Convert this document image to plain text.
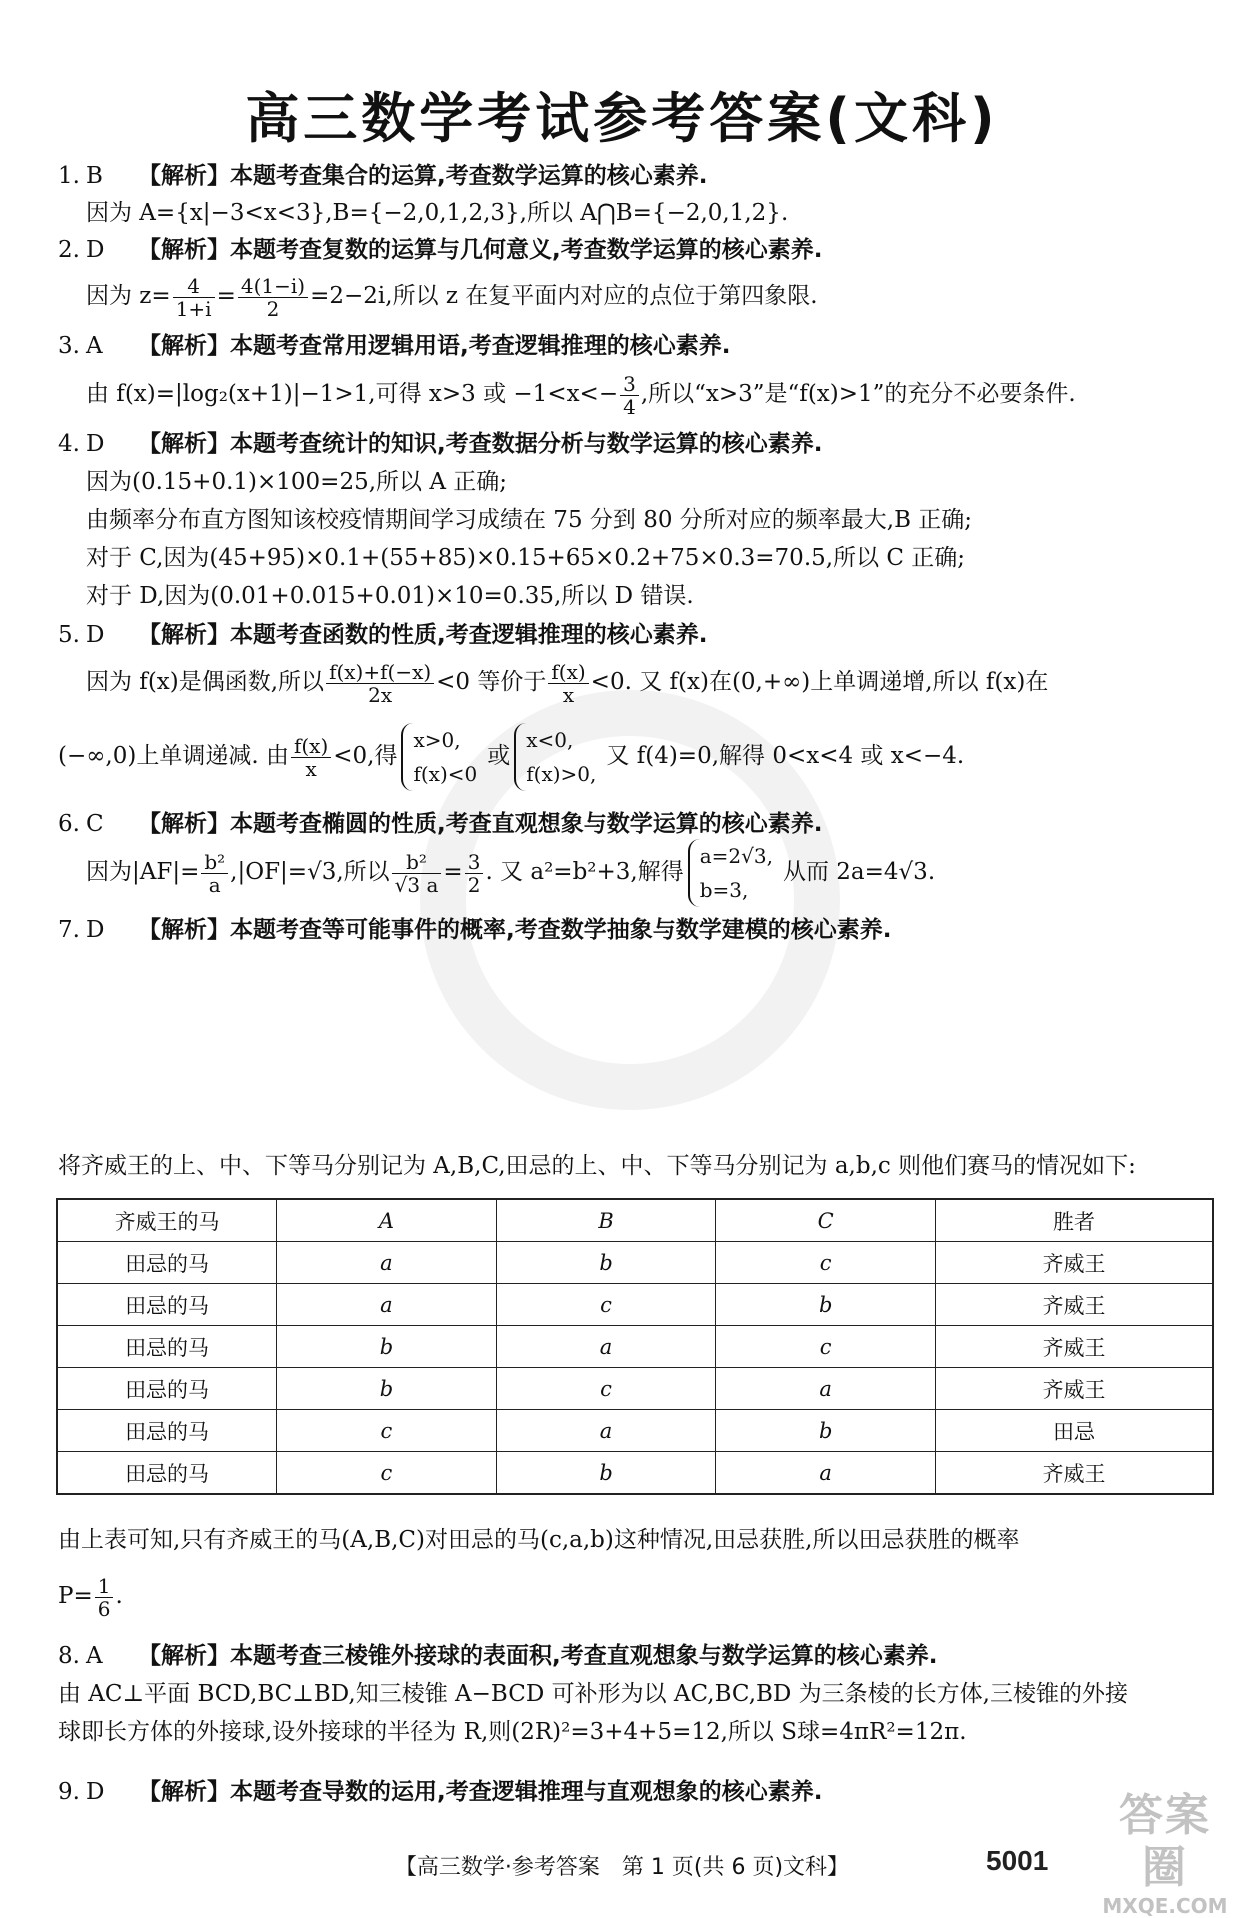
高三数学考试参考答案(文科)
1. B 【解析】本题考查集合的运算,考查数学运算的核心素养.
因为 A={x|−3<x<3},B={−2,0,1,2,3},所以 A⋂B={−2,0,1,2}.
2. D 【解析】本题考查复数的运算与几何意义,考查数学运算的核心素养.
因为 $z= \frac{4}{1+i} = \frac{4(1-i)}{2} =2-2i$,所以 z 在复平面内对应的点位于第四象限.
3. A 【解析】本题考查常用逻辑用语,考查逻辑推理的核心素养.
由 f(x)=|log₂(x+1)|−1>1,可得 x>3 或 $-1<x<- \frac{3}{4}$ ,所以“x>3”是“f(x)>1”的充分不必要条件.
4. D 【解析】本题考查统计的知识,考查数据分析与数学运算的核心素养.
因为(0.15+0.1)×100=25,所以 A 正确;
由频率分布直方图知该校疫情期间学习成绩在 75 分到 80 分所对应的频率最大,B 正确;
对于 C,因为(45+95)×0.1+(55+85)×0.15+65×0.2+75×0.3=70.5,所以 C 正确;
对于 D,因为(0.01+0.015+0.01)×10=0.35,所以 D 错误.
5. D 【解析】本题考查函数的性质,考查逻辑推理的核心素养.
因为 f(x)是偶函数,所以 $\frac{f(x)+f(-x)}{2x} <0$ 等价于 $\frac{f(x)}{x} <0$. 又 f(x)在(0,+∞)上单调递增,所以 f(x)在
(−∞,0)上单调递减. 由 $\frac{f(x)}{x} <0$,得
x>0,
f(x)<0
或
x<0,
f(x)>0,
又 f(4)=0,解得 0<x<4 或 x<−4.
6. C 【解析】本题考查椭圆的性质,考查直观想象与数学运算的核心素养.
因为$|AF|= \frac{\text{b²}}{a} ,|OF|=√3$,所以 $\frac{\text{b²}}{√3 a} = \frac{3}{2}$ . 又 a²=b²+3,解得
a=2√3,
b=3,
从而 2a=4√3.
7. D 【解析】本题考查等可能事件的概率,考查数学抽象与数学建模的核心素养.
将齐威王的上、中、下等马分别记为 A,B,C,田忌的上、中、下等马分别记为 a,b,c 则他们赛马的情况如下:
齐威王的马	A	B	C	胜者
田忌的马	a	b	c	齐威王
田忌的马	a	c	b	齐威王
田忌的马	b	a	c	齐威王
田忌的马	b	c	a	齐威王
田忌的马	c	a	b	田忌
田忌的马	c	b	a	齐威王
由上表可知,只有齐威王的马(A,B,C)对田忌的马(c,a,b)这种情况,田忌获胜,所以田忌获胜的概率
$P= \frac{1}{6}$ .
8. A 【解析】本题考查三棱锥外接球的表面积,考查直观想象与数学运算的核心素养.
由 AC⊥平面 BCD,BC⊥BD,知三棱锥 A−BCD 可补形为以 AC,BC,BD 为三条棱的长方体,三棱锥的外接
球即长方体的外接球,设外接球的半径为 R,则(2R)²=3+4+5=12,所以 S球=4πR²=12π.
9. D 【解析】本题考查导数的运用,考查逻辑推理与直观想象的核心素养.
【高三数学·参考答案　第 1 页(共 6 页)文科】	5001
答案圈
MXQE.COM
